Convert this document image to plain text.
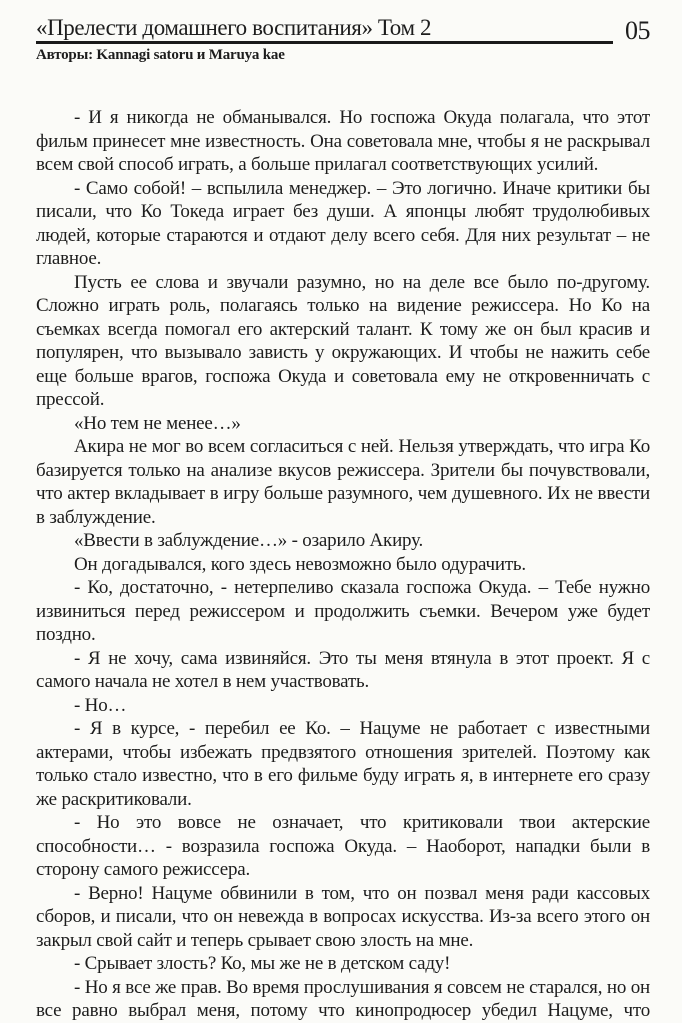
«Прелести домашнего воспитания» Том 2	05
Авторы: Kannagi satoru и Maruya kae

- И я никогда не обманывался. Но госпожа Окуда полагала, что этот фильм принесет мне известность. Она советовала мне, чтобы я не раскрывал всем свой способ играть, а больше прилагал соответствующих усилий.

- Само собой! – вспылила менеджер. – Это логично. Иначе критики бы писали, что Ко Токеда играет без души. А японцы любят трудолюбивых людей, которые стараются и отдают делу всего себя. Для них результат – не главное.

Пусть ее слова и звучали разумно, но на деле все было по-другому. Сложно играть роль, полагаясь только на видение режиссера. Но Ко на съемках всегда помогал его актерский талант. К тому же он был красив и популярен, что вызывало зависть у окружающих. И чтобы не нажить себе еще больше врагов, госпожа Окуда и советовала ему не откровенничать с прессой.

«Но тем не менее…»

Акира не мог во всем согласиться с ней. Нельзя утверждать, что игра Ко базируется только на анализе вкусов режиссера. Зрители бы почувствовали, что актер вкладывает в игру больше разумного, чем душевного. Их не ввести в заблуждение.

«Ввести в заблуждение…» - озарило Акиру.

Он догадывался, кого здесь невозможно было одурачить.

- Ко, достаточно, - нетерпеливо сказала госпожа Окуда. – Тебе нужно извиниться перед режиссером и продолжить съемки. Вечером уже будет поздно.

- Я не хочу, сама извиняйся. Это ты меня втянула в этот проект. Я с самого начала не хотел в нем участвовать.

- Но…

- Я в курсе, - перебил ее Ко. – Нацуме не работает с известными актерами, чтобы избежать предвзятого отношения зрителей. Поэтому как только стало известно, что в его фильме буду играть я, в интернете его сразу же раскритиковали.

- Но это вовсе не означает, что критиковали твои актерские способности… - возразила госпожа Окуда. – Наоборот, нападки были в сторону самого режиссера.

- Верно! Нацуме обвинили в том, что он позвал меня ради кассовых сборов, и писали, что он невежда в вопросах искусства. Из-за всего этого он закрыл свой сайт и теперь срывает свою злость на мне.

- Срывает злость? Ко, мы же не в детском саду!

- Но я все же прав. Во время прослушивания я совсем не старался, но он все равно выбрал меня, потому что кинопродюсер убедил Нацуме, что
